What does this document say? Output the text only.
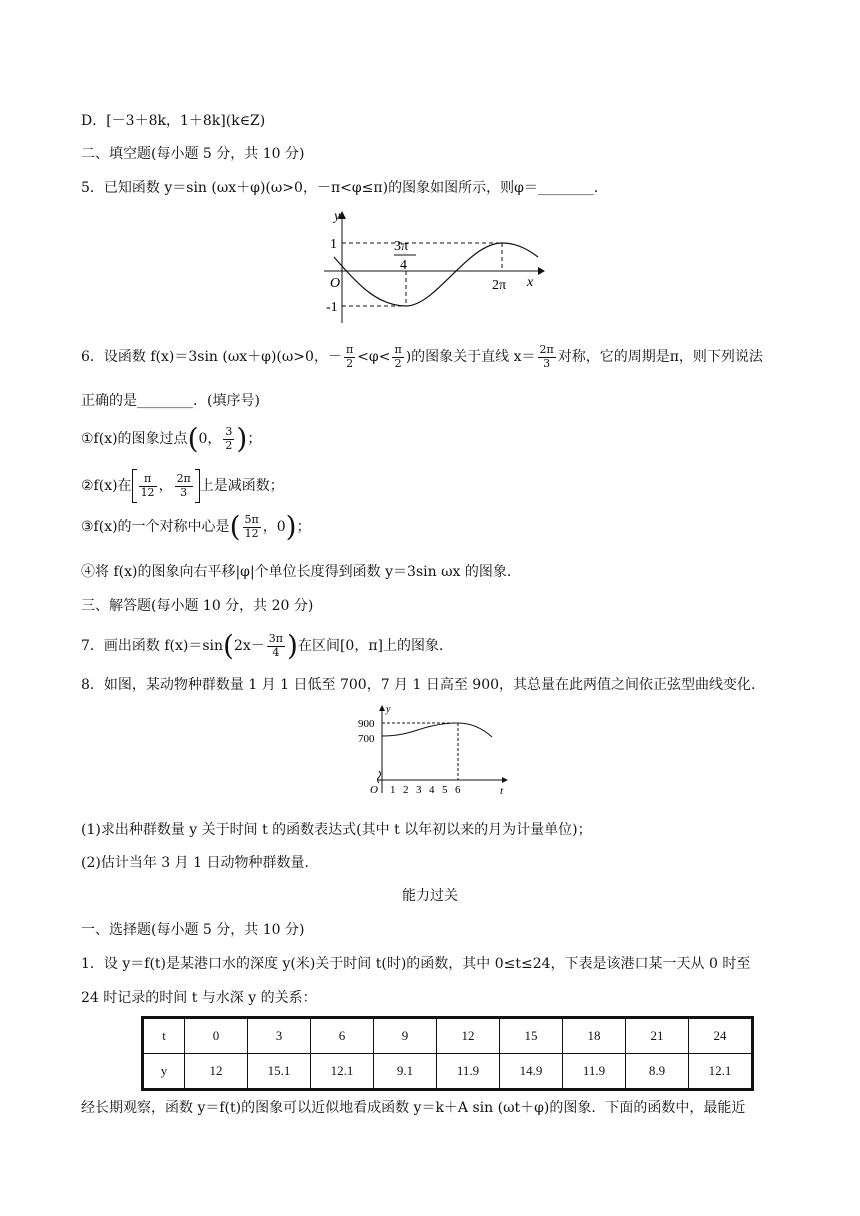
D．[－3＋8k，1＋8k](k∈Z)
二、填空题(每小题 5 分，共 10 分)
5．已知函数 y＝sin (ωx＋φ)(ω>0，－π<φ≤π)的图象如图所示，则φ＝________．
y
x
O
1
-1
3π
4
2π
6．设函数 f(x)＝3sin (ωx＋φ)(ω>0，－ $\frac{\pi}{2} <\varphi< \frac{\pi}{2}$ )的图象关于直线 $x= \frac{2\pi}{3}$ 对称，它的周期是π，则下列说法
正确的是________．(填序号)
①f(x)的图象过点(0， $\frac{3}{2}$ )；
②f(x)在 $\frac{\pi}{12}$ ， $\frac{2\pi}{3}$ 上是减函数；
③f(x)的一个对称中心是( $\frac{5\pi}{12}$ ，0)；
④将 f(x)的图象向右平移|φ|个单位长度得到函数 y＝3sin ωx 的图象．
三、解答题(每小题 10 分，共 20 分)
7．画出函数 $f(x)=\sin(2x- \frac{3\pi}{4}$ )在区间[0，π]上的图象．
8．如图，某动物种群数量 1 月 1 日低至 700，7 月 1 日高至 900，其总量在此两值之间依正弦型曲线变化．
y
900
700
O 1 2 3 4 5 6	t
(1)求出种群数量 y 关于时间 t 的函数表达式(其中 t 以年初以来的月为计量单位)；
(2)估计当年 3 月 1 日动物种群数量．
能力过关
一、选择题(每小题 5 分，共 10 分)
1．设 y＝f(t)是某港口水的深度 y(米)关于时间 t(时)的函数，其中 0≤t≤24，下表是该港口某一天从 0 时至
24 时记录的时间 t 与水深 y 的关系：
t	0	3	6	9	12	15	18	21	24
y	12	15.1	12.1	9.1	11.9	14.9	11.9	8.9	12.1
经长期观察，函数 y＝f(t)的图象可以近似地看成函数 y＝k＋A sin (ωt＋φ)的图象．下面的函数中，最能近
